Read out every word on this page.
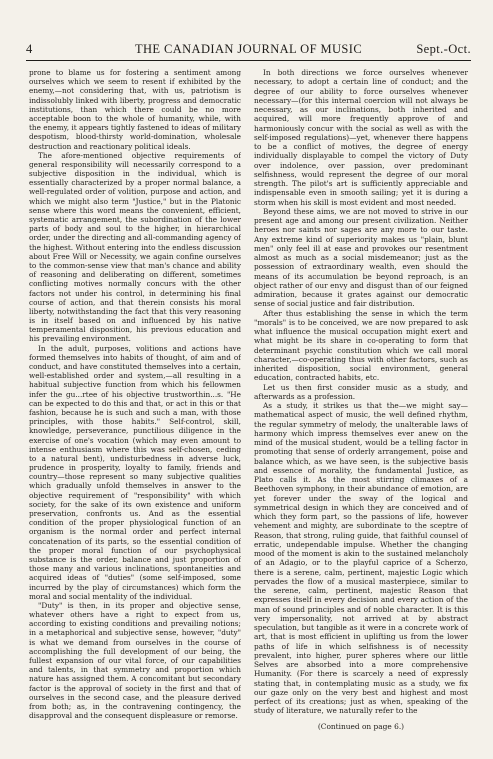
4	THE CANADIAN JOURNAL OF MUSIC	Sept.-Oct.

prone to blame us for fostering a sentiment among ourselves which we seem to resent if exhibited by the enemy,—not considering that, with us, patriotism is indissolubly linked with liberty, progress and democratic institutions, than which there could be no more acceptable boon to the whole of humanity, while, with the enemy, it appears tightly fastened to ideas of military despotism, blood-thirsty world-domination, wholesale destruction and reactionary political ideals.

The afore-mentioned objective requirements of general responsibility will necessarily correspond to a subjective disposition in the individual, which is essentially characterized by a proper normal balance, a well-regulated order of volition, purpose and action, and which we might also term "Justice," but in the Platonic sense where this word means the convenient, efficient, systematic arrangement, the subordination of the lower parts of body and soul to the higher, in hierarchical order, under the directing and all-commanding agency of the highest. Without entering into the endless discussion about Free Will or Necessity, we again confine ourselves to the common-sense view that man's chance and ability of reasoning and deliberating on different, sometimes conflicting motives normally concurs with the other factors not under his control, in determining his final course of action, and that therein consists his moral liberty, notwithstanding the fact that this very reasoning is in itself based on and influenced by his native temperamental disposition, his previous education and his prevailing environment.

In the adult, purposes, volitions and actions have formed themselves into habits of thought, of aim and of conduct, and have constituted themselves into a certain, well-established order and system,—all resulting in a habitual subjective function from which his fellowmen infer the gu...rtee of his objective trustworthin...s. "He can be expected to do this and that, or act in this or that fashion, because he is such and such a man, with those principles, with those habits." Self-control, skill, knowledge, perseverance, punctilious diligence in the exercise of one's vocation (which may even amount to intense enthusiasm where this was self-chosen, ceding to a natural bent), undisturbedness in adverse luck, prudence in prosperity, loyalty to family, friends and country—those represent so many subjective qualities which gradually unfold themselves in answer to the objective requirement of "responsibility" with which society, for the sake of its own existence and uniform preservation, confronts us. And as the essential condition of the proper physiological function of an organism is the normal order and perfect internal concatenation of its parts, so the essential condition of the proper moral function of our psychophysical substance is the order, balance and just proportion of those many and various inclinations, spontaneities and acquired ideas of "duties" (some self-imposed, some incurred by the play of circumstances) which form the moral and social mentality of the individual.

"Duty" is then, in its proper and objective sense, whatever others have a right to expect from us, according to existing conditions and prevailing notions; in a metaphorical and subjective sense, however, "duty" is what we demand from ourselves in the course of accomplishing the full development of our being, the fullest expansion of our vital force, of our capabilities and talents, in that symmetry and proportion which nature has assigned them. A concomitant but secondary factor is the approval of society in the first and that of ourselves in the second case, and the pleasure derived from both; as, in the contravening contingency, the disapproval and the consequent displeasure or remorse.

In both directions we force ourselves whenever necessary, to adopt a certain line of conduct; and the degree of our ability to force ourselves whenever necessary—(for this internal coercion will not always be necessary, as our inclinations, both inherited and acquired, will more frequently approve of and harmoniously concur with the social as well as with the self-imposed regulations)—yet, whenever there happens to be a conflict of motives, the degree of energy individually displayable to compel the victory of Duty over indolence, over passion, over predominant selfishness, would represent the degree of our moral strength. The pilot's art is sufficiently appreciable and indispensable even in smooth sailing; yet it is during a storm when his skill is most evident and most needed.

Beyond these aims, we are not moved to strive in our present age and among our present civilization. Neither heroes nor saints nor sages are any more to our taste. Any extreme kind of superiority makes us "plain, blunt men" only feel ill at ease and provokes our resentment almost as much as a social misdemeanor; just as the possession of extraordinary wealth, even should the means of its accumulation be beyond reproach, is an object rather of our envy and disgust than of our feigned admiration, because it grates against our democratic sense of social justice and fair distribution.

After thus establishing the sense in which the term "morals" is to be conceived, we are now prepared to ask what influence the musical occupation might exert and what might be its share in co-operating to form that determinant psychic constitution which we call moral character,—co-operating thus with other factors, such as inherited disposition, social environment, general education, contracted habits, etc.

Let us then first consider music as a study, and afterwards as a profession.

As a study, it strikes us that the—we might say—mathematical aspect of music, the well defined rhythm, the regular symmetry of melody, the unalterable laws of harmony which impress themselves ever anew on the mind of the musical student, would be a telling factor in promoting that sense of orderly arrangement, poise and balance which, as we have seen, is the subjective basis and essence of morality, the fundamental Justice, as Plato calls it. As the most stirring climaxes of a Beethoven symphony, in their abundance of emotion, are yet forever under the sway of the logical and symmetrical design in which they are conceived and of which they form part, so the passions of life, however vehement and mighty, are subordinate to the sceptre of Reason, that strong, ruling guide, that faithful counsel of erratic, undependable impulse. Whether the changing mood of the moment is akin to the sustained melancholy of an Adagio, or to the playful caprice of a Scherzo, there is a serene, calm, pertinent, majestic Logic which pervades the flow of a musical masterpiece, similar to the serene, calm, pertinent, majestic Reason that expresses itself in every decision and every action of the man of sound principles and of noble character. It is this very impersonality, not arrived at by abstract speculation, but tangible as it were in a concrete work of art, that is most efficient in uplifting us from the lower paths of life in which selfishness is of necessity prevalent, into higher, purer spheres where our little Selves are absorbed into a more comprehensive Humanity. (For there is scarcely a need of expressly stating that, in contemplating music as a study, we fix our gaze only on the very best and highest and most perfect of its creations; just as when, speaking of the study of literature, we naturally refer to the

(Continued on page 6.)
